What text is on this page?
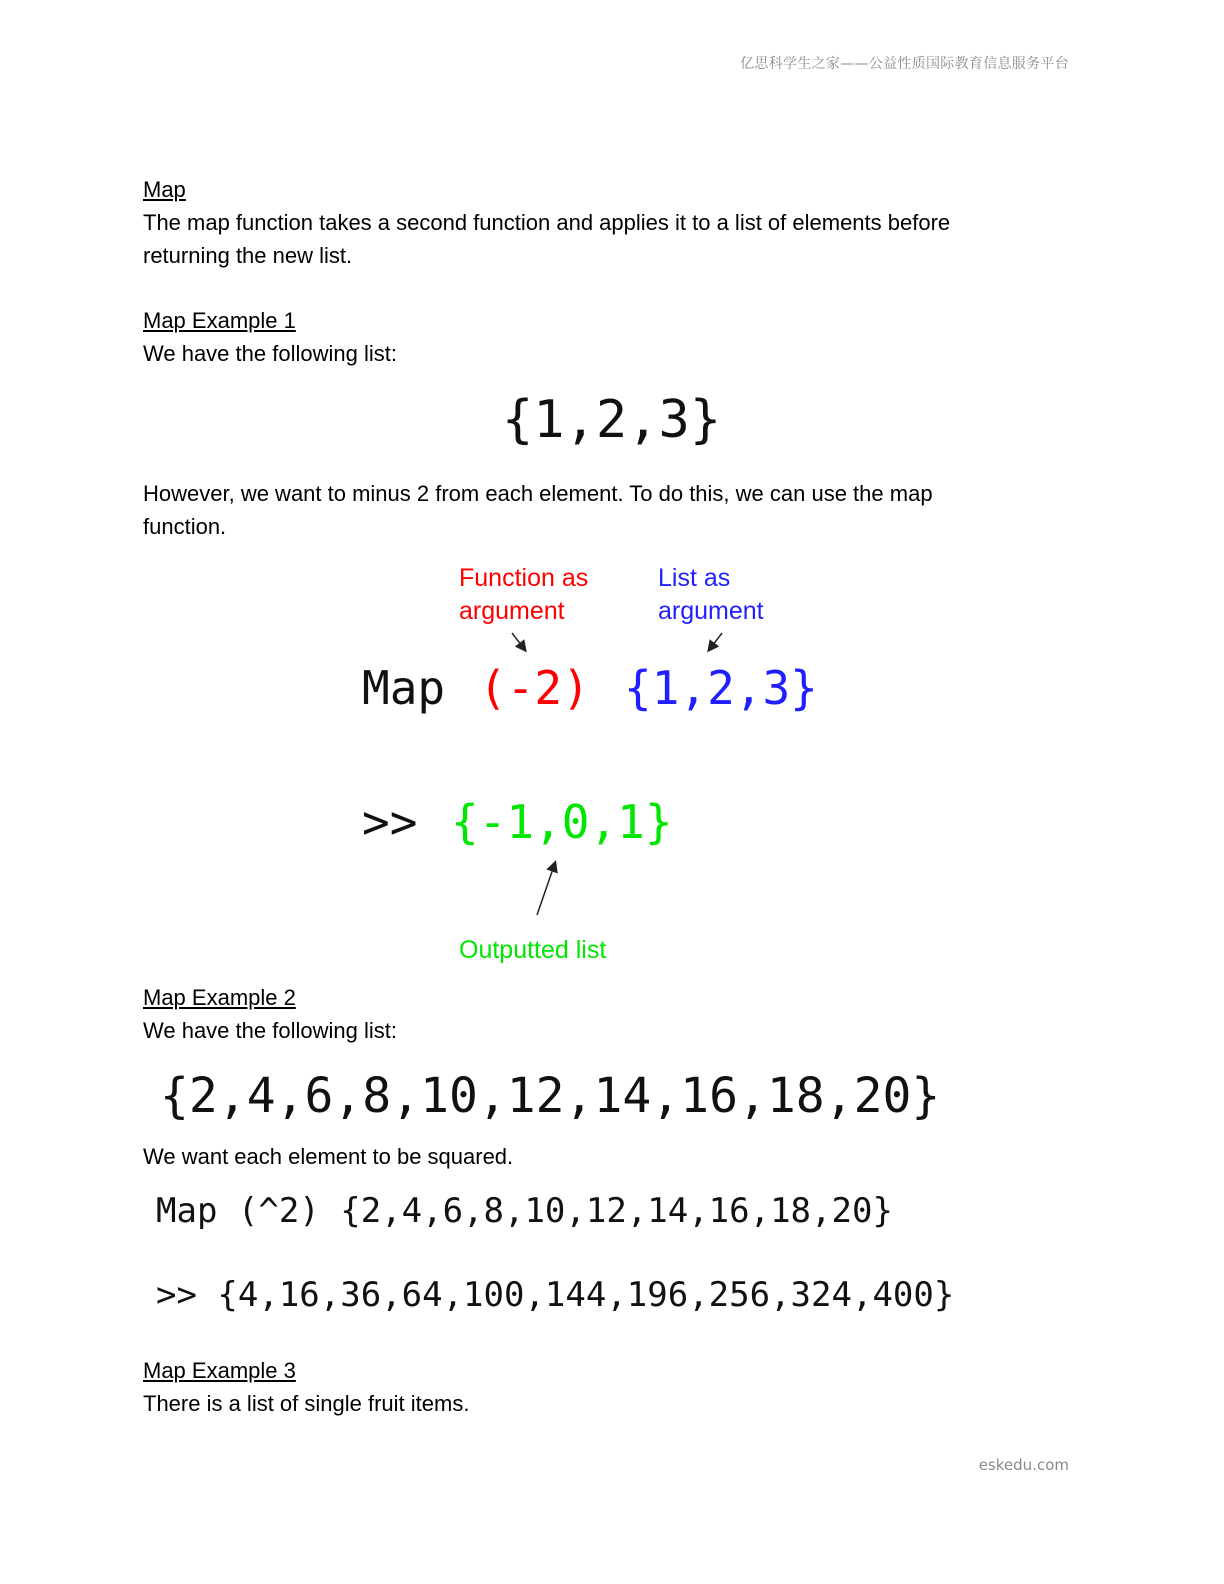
亿思科学生之家——公益性质国际教育信息服务平台
eskedu.com
Map
The map function takes a second function and applies it to a list of elements before
returning the new list.
Map Example 1
We have the following list:
{1,2,3}
However, we want to minus 2 from each element. To do this, we can use the map
function.
Function as
argument
List as
argument
Map (-2) {1,2,3}
>> {-1,0,1}
Outputted list
Map Example 2
We have the following list:
{2,4,6,8,10,12,14,16,18,20}
We want each element to be squared.
Map (^2) {2,4,6,8,10,12,14,16,18,20}
>> {4,16,36,64,100,144,196,256,324,400}
Map Example 3
There is a list of single fruit items.
